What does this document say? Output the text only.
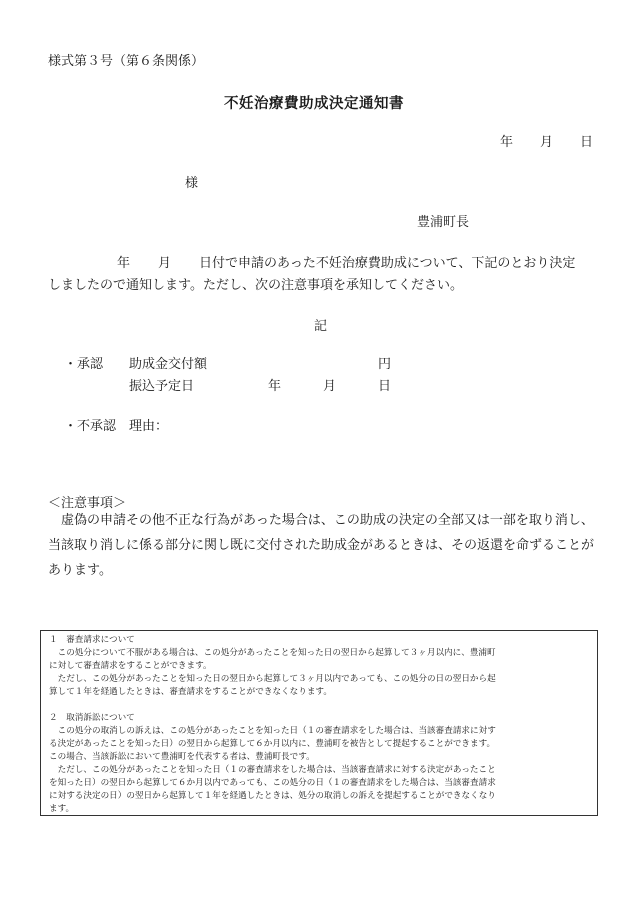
様式第３号（第６条関係）
不妊治療費助成決定通知書
年 月 日
様
豊浦町長
年 月 日付で申請のあった不妊治療費助成について、下記のとおり決定
しましたので通知します。ただし、次の注意事項を承知してください。
記
・承認 助成金交付額	円
振込予定日	年	月	日
・不承認 理由：
＜注意事項＞
虚偽の申請その他不正な行為があった場合は、この助成の決定の全部又は一部を取り消し、当該取り消しに係る部分に関し既に交付された助成金があるときは、その返還を命ずることがあります。

１　審査請求について

　この処分について不服がある場合は、この処分があったことを知った日の翌日から起算して３ヶ月以内に、豊浦町

に対して審査請求をすることができます。

　ただし、この処分があったことを知った日の翌日から起算して３ヶ月以内であっても、この処分の日の翌日から起

算して１年を経過したときは、審査請求をすることができなくなります。

２　取消訴訟について

　この処分の取消しの訴えは、この処分があったことを知った日（１の審査請求をした場合は、当該審査請求に対す

る決定があったことを知った日）の翌日から起算して６か月以内に、豊浦町を被告として提起することができます。

この場合、当該訴訟において豊浦町を代表する者は、豊浦町長です。

　ただし、この処分があったことを知った日（１の審査請求をした場合は、当該審査請求に対する決定があったこと

を知った日）の翌日から起算して６か月以内であっても、この処分の日（１の審査請求をした場合は、当該審査請求

に対する決定の日）の翌日から起算して１年を経過したときは、処分の取消しの訴えを提起することができなくなり

ます。
